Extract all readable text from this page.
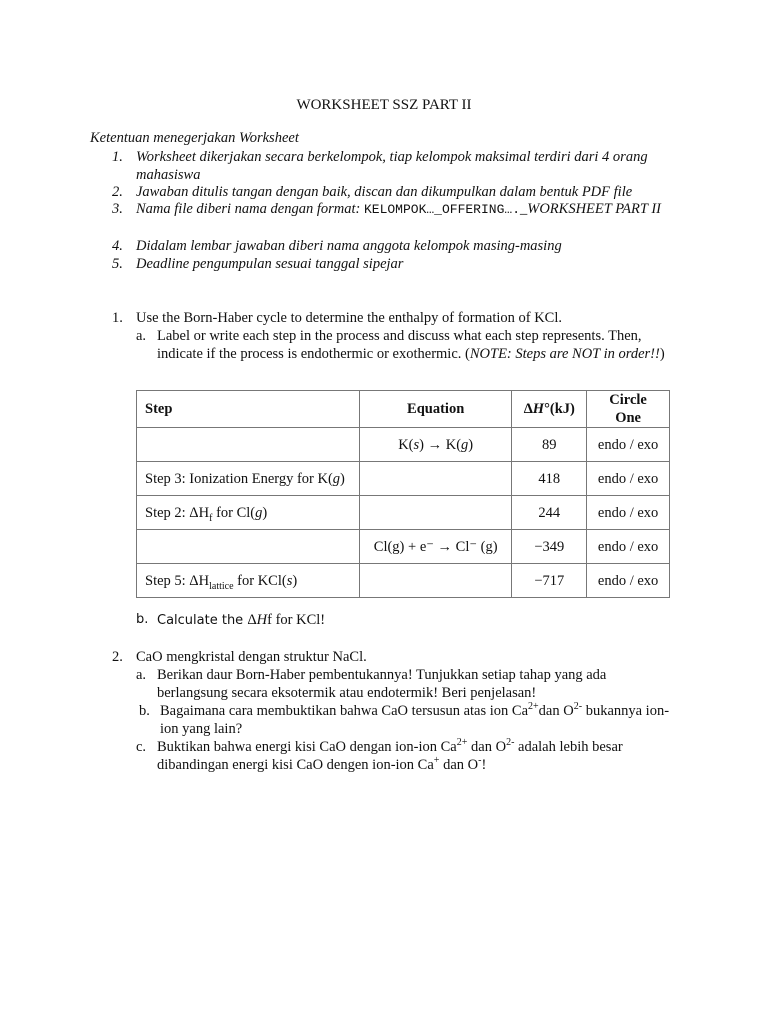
WORKSHEET SSZ PART II
Ketentuan menegerjakan Worksheet
1. Worksheet dikerjakan secara berkelompok, tiap kelompok maksimal terdiri dari 4 orang mahasiswa
2. Jawaban ditulis tangan dengan baik, discan dan dikumpulkan dalam bentuk PDF file
3. Nama file diberi nama dengan format: KELOMPOK…_OFFERING…._WORKSHEET PART II
4. Didalam lembar jawaban diberi nama anggota kelompok masing-masing
5. Deadline pengumpulan sesuai tanggal sipejar
1. Use the Born-Haber cycle to determine the enthalpy of formation of KCl.
a. Label or write each step in the process and discuss what each step represents. Then, indicate if the process is endothermic or exothermic. (NOTE: Steps are NOT in order!!)
Step	Equation	ΔH°(kJ)	Circle One
	K(s) → K(g)	89	endo / exo
Step 3: Ionization Energy for K(g)		418	endo / exo
Step 2: $\Delta H_f$ for Cl(g)		244	endo / exo
	Cl(g) + e⁻ → Cl⁻ (g)	−349	endo / exo
Step 5: $\Delta H_{lattice}$ for KCl(s)		−717	endo / exo
b. Calculate the ΔHf for KCl!
2. CaO mengkristal dengan struktur NaCl.
a. Berikan daur Born-Haber pembentukannya! Tunjukkan setiap tahap yang ada berlangsung secara eksotermik atau endotermik! Beri penjelasan!
b. Bagaimana cara membuktikan bahwa CaO tersusun atas ion $Ca^{2+}dan$ $O^{2-}$ bukannya ion-ion yang lain?
c. Buktikan bahwa energi kisi CaO dengan ion-ion $Ca^{2+}$ dan $O^{2-}$ adalah lebih besar dibandingan energi kisi CaO dengen ion-ion Ca+ dan O-!
